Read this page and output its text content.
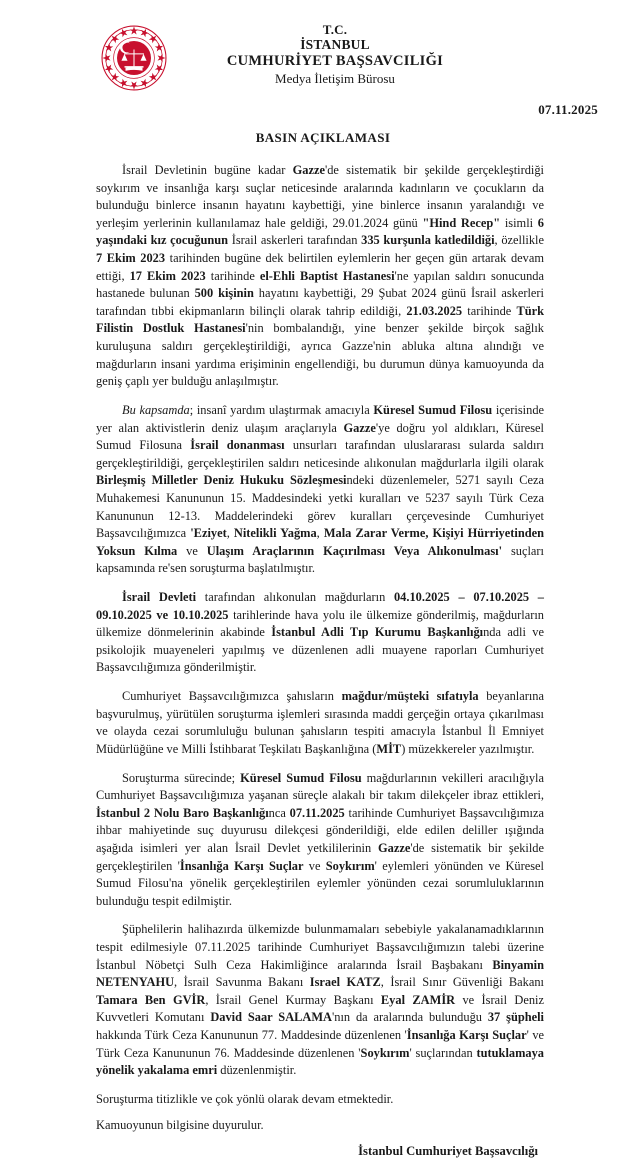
T.C.
İSTANBUL
CUMHURİYET BAŞSAVCILIĞI
Medya İletişim Bürosu
07.11.2025
BASIN AÇIKLAMASI

İsrail Devletinin bugüne kadar Gazze'de sistematik bir şekilde gerçekleştirdiği soykırım ve insanlığa karşı suçlar neticesinde aralarında kadınların ve çocukların da bulunduğu binlerce insanın hayatını kaybettiği, yine binlerce insanın yaralandığı ve yerleşim yerlerinin kullanılamaz hale geldiği, 29.01.2024 günü "Hind Recep" isimli 6 yaşındaki kız çocuğunun İsrail askerleri tarafından 335 kurşunla katledildiği, özellikle 7 Ekim 2023 tarihinden bugüne dek belirtilen eylemlerin her geçen gün artarak devam ettiği, 17 Ekim 2023 tarihinde el-Ehli Baptist Hastanesi'ne yapılan saldırı sonucunda hastanede bulunan 500 kişinin hayatını kaybettiği, 29 Şubat 2024 günü İsrail askerleri tarafından tıbbi ekipmanların bilinçli olarak tahrip edildiği, 21.03.2025 tarihinde Türk Filistin Dostluk Hastanesi'nin bombalandığı, yine benzer şekilde birçok sağlık kuruluşuna saldırı gerçekleştirildiği, ayrıca Gazze'nin abluka altına alındığı ve mağdurların insani yardıma erişiminin engellendiği, bu durumun dünya kamuoyunda da geniş çaplı yer bulduğu anlaşılmıştır.

Bu kapsamda; insanî yardım ulaştırmak amacıyla Küresel Sumud Filosu içerisinde yer alan aktivistlerin deniz ulaşım araçlarıyla Gazze'ye doğru yol aldıkları, Küresel Sumud Filosuna İsrail donanması unsurları tarafından uluslararası sularda saldırı gerçekleştirildiği, gerçekleştirilen saldırı neticesinde alıkonulan mağdurlarla ilgili olarak Birleşmiş Milletler Deniz Hukuku Sözleşmesindeki düzenlemeler, 5271 sayılı Ceza Muhakemesi Kanununun 15. Maddesindeki yetki kuralları ve 5237 sayılı Türk Ceza Kanununun 12-13. Maddelerindeki görev kuralları çerçevesinde Cumhuriyet Başsavcılığımızca 'Eziyet, Nitelikli Yağma, Mala Zarar Verme, Kişiyi Hürriyetinden Yoksun Kılma ve Ulaşım Araçlarının Kaçırılması Veya Alıkonulması' suçları kapsamında re'sen soruşturma başlatılmıştır.

İsrail Devleti tarafından alıkonulan mağdurların 04.10.2025 – 07.10.2025 – 09.10.2025 ve 10.10.2025 tarihlerinde hava yolu ile ülkemize gönderilmiş, mağdurların ülkemize dönmelerinin akabinde İstanbul Adli Tıp Kurumu Başkanlığında adli ve psikolojik muayeneleri yapılmış ve düzenlenen adli muayene raporları Cumhuriyet Başsavcılığımıza gönderilmiştir.

Cumhuriyet Başsavcılığımızca şahısların mağdur/müşteki sıfatıyla beyanlarına başvurulmuş, yürütülen soruşturma işlemleri sırasında maddi gerçeğin ortaya çıkarılması ve olayda cezai sorumluluğu bulunan şahısların tespiti amacıyla İstanbul İl Emniyet Müdürlüğüne ve Milli İstihbarat Teşkilatı Başkanlığına (MİT) müzekkereler yazılmıştır.

Soruşturma sürecinde; Küresel Sumud Filosu mağdurlarının vekilleri aracılığıyla Cumhuriyet Başsavcılığımıza yaşanan süreçle alakalı bir takım dilekçeler ibraz ettikleri, İstanbul 2 Nolu Baro Başkanlığınca 07.11.2025 tarihinde Cumhuriyet Başsavcılığımıza ihbar mahiyetinde suç duyurusu dilekçesi gönderildiği, elde edilen deliller ışığında aşağıda isimleri yer alan İsrail Devlet yetkililerinin Gazze'de sistematik bir şekilde gerçekleştirilen 'İnsanlığa Karşı Suçlar ve Soykırım' eylemleri yönünden ve Küresel Sumud Filosu'na yönelik gerçekleştirilen eylemler yönünden cezai sorumluluklarının bulunduğu tespit edilmiştir.

Şüphelilerin halihazırda ülkemizde bulunmamaları sebebiyle yakalanamadıklarının tespit edilmesiyle 07.11.2025 tarihinde Cumhuriyet Başsavcılığımızın talebi üzerine İstanbul Nöbetçi Sulh Ceza Hakimliğince aralarında İsrail Başbakanı Binyamin NETENYAHU, İsrail Savunma Bakanı Israel KATZ, İsrail Sınır Güvenliği Bakanı Tamara Ben GVİR, İsrail Genel Kurmay Başkanı Eyal ZAMİR ve İsrail Deniz Kuvvetleri Komutanı David Saar SALAMA'nın da aralarında bulunduğu 37 şüpheli hakkında Türk Ceza Kanununun 77. Maddesinde düzenlenen 'İnsanlığa Karşı Suçlar' ve Türk Ceza Kanununun 76. Maddesinde düzenlenen 'Soykırım' suçlarından tutuklamaya yönelik yakalama emri düzenlenmiştir.

Soruşturma titizlikle ve çok yönlü olarak devam etmektedir.

Kamuoyunun bilgisine duyurulur.

İstanbul Cumhuriyet Başsavcılığı
